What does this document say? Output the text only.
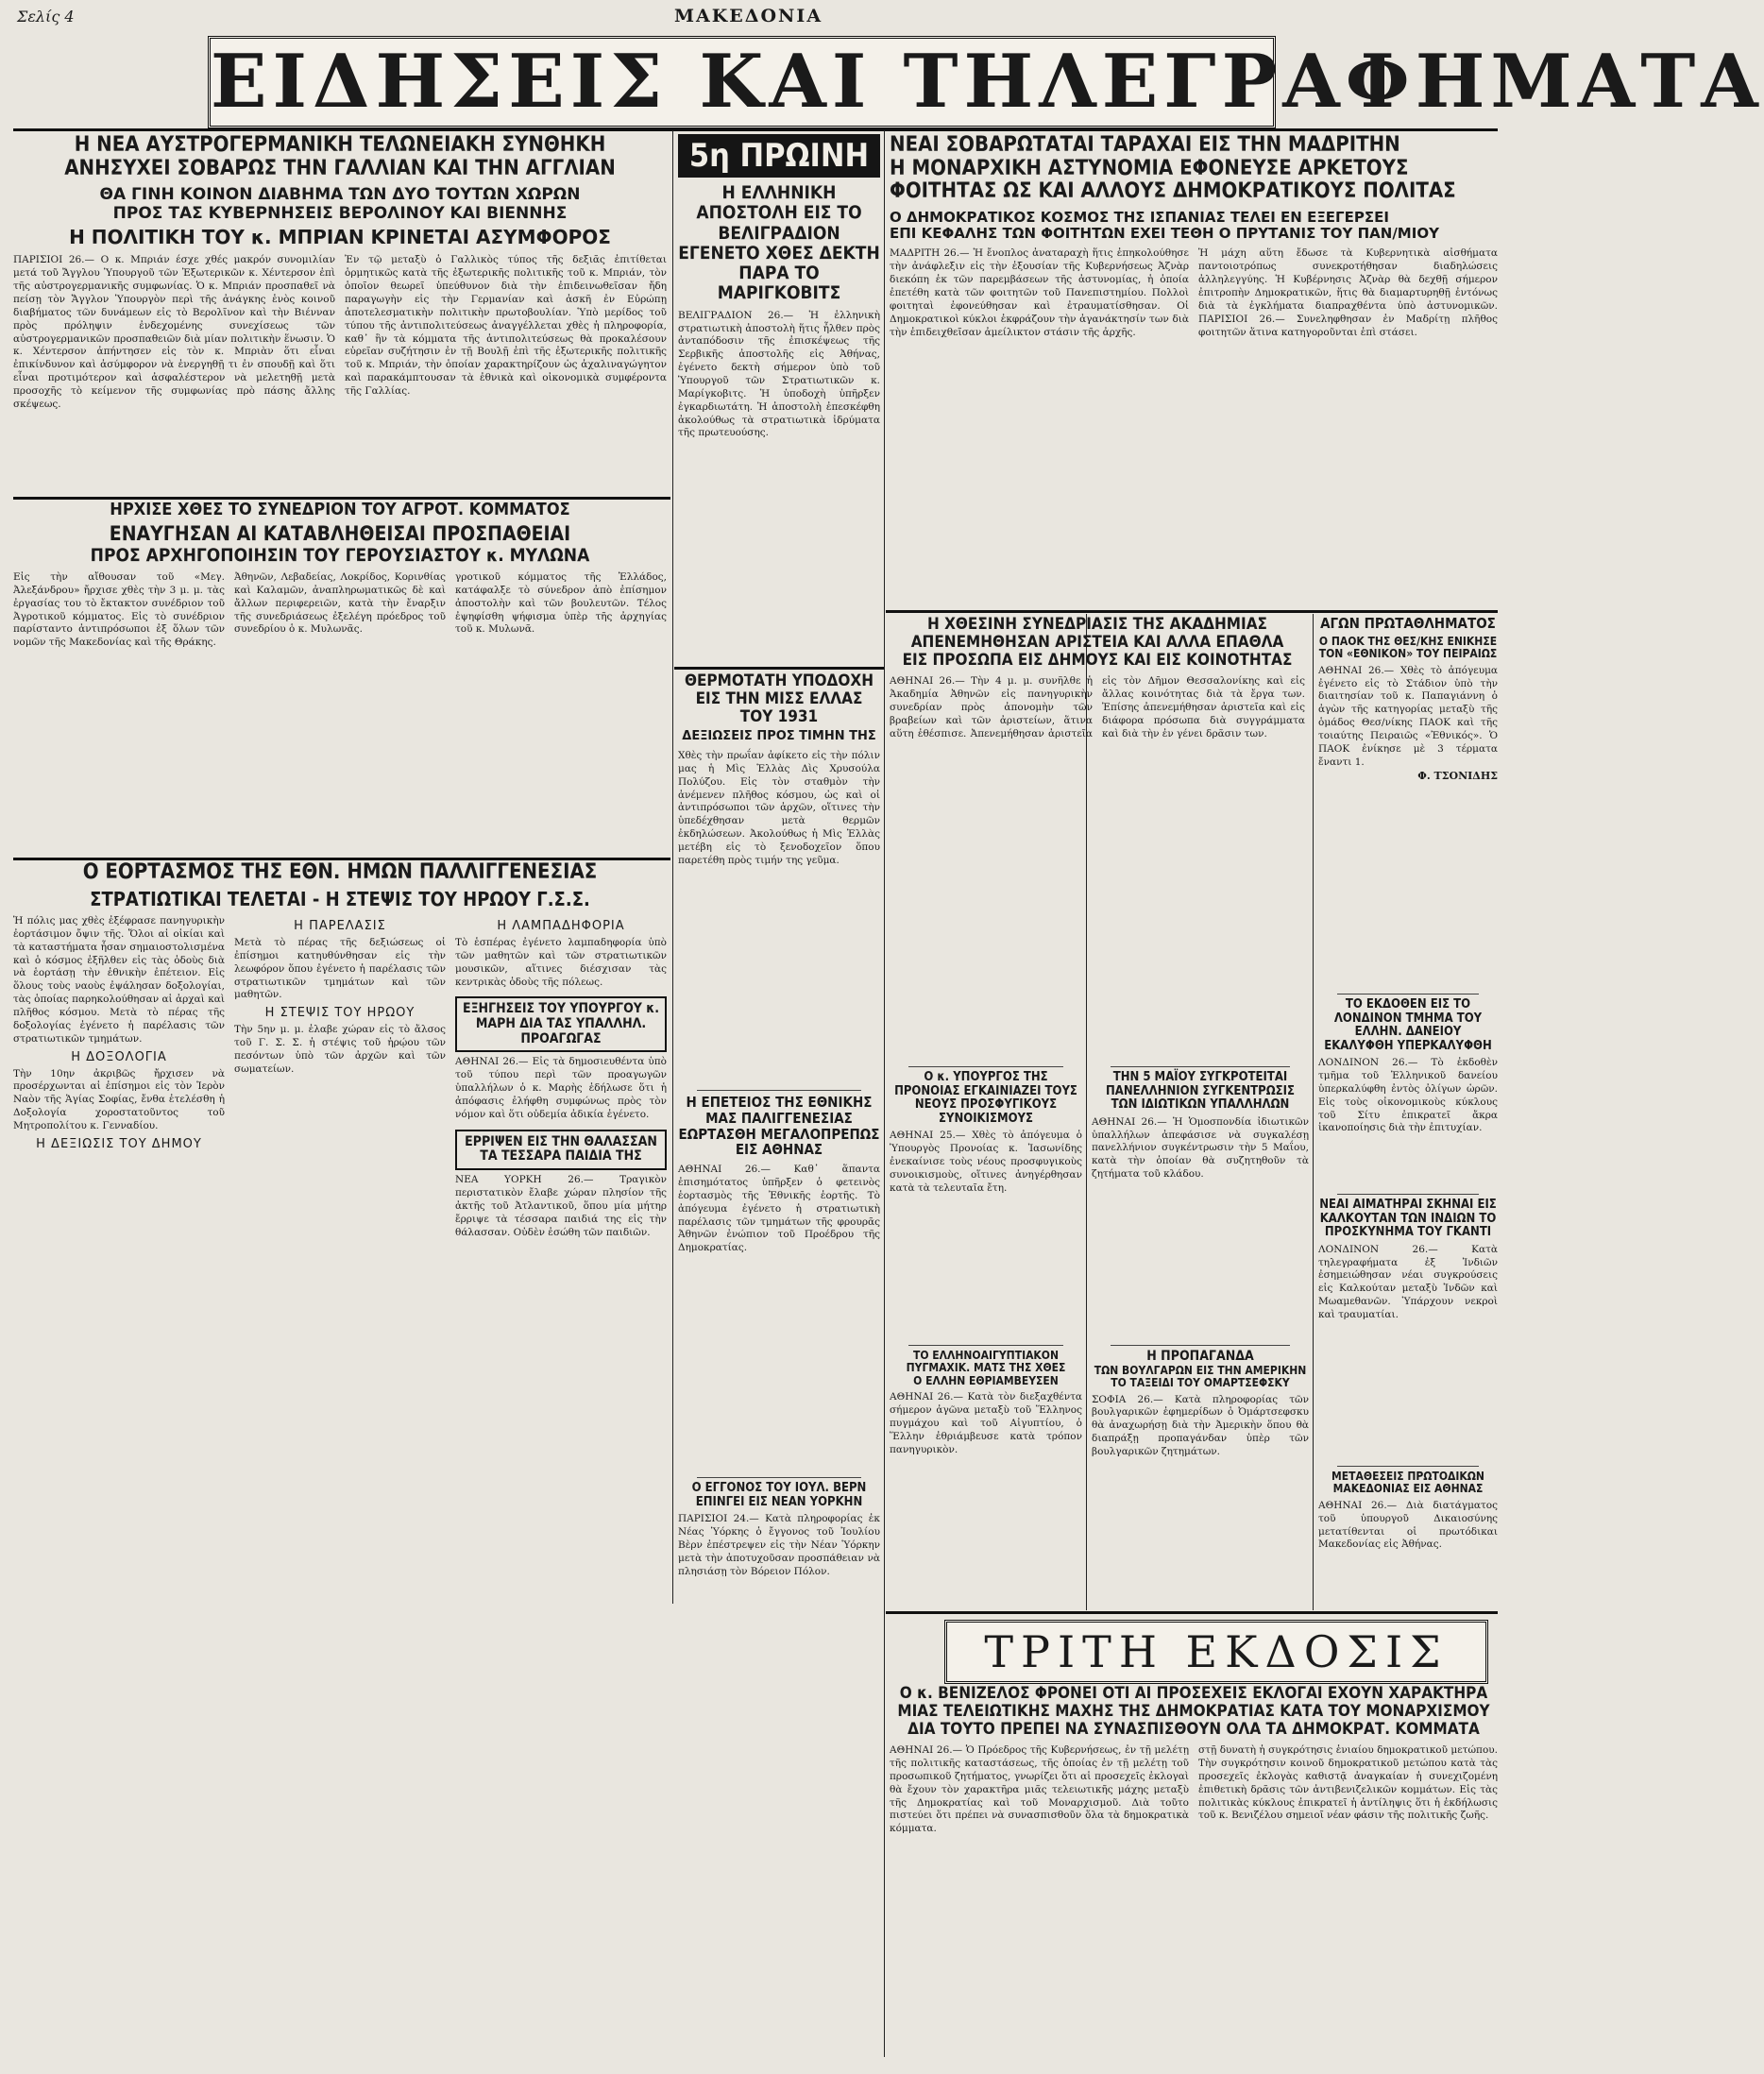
Σελίς 4	ΜΑΚΕΔΟΝΙΑ
ΕΙΔΗΣΕΙΣ ΚΑΙ ΤΗΛΕΓΡΑΦΗΜΑΤΑ
Η ΝΕΑ ΑΥΣΤΡΟΓΕΡΜΑΝΙΚΗ ΤΕΛΩΝΕΙΑΚΗ ΣΥΝΘΗΚΗ
ΑΝΗΣΥΧΕΙ ΣΟΒΑΡΩΣ ΤΗΝ ΓΑΛΛΙΑΝ ΚΑΙ ΤΗΝ ΑΓΓΛΙΑΝ
ΘΑ ΓΙΝΗ ΚΟΙΝΟΝ ΔΙΑΒΗΜΑ ΤΩΝ ΔΥΟ ΤΟΥΤΩΝ ΧΩΡΩΝ
ΠΡΟΣ ΤΑΣ ΚΥΒΕΡΝΗΣΕΙΣ ΒΕΡΟΛΙΝΟΥ ΚΑΙ ΒΙΕΝΝΗΣ
Η ΠΟΛΙΤΙΚΗ ΤΟΥ κ. ΜΠΡΙΑΝ ΚΡΙΝΕΤΑΙ ΑΣΥΜΦΟΡΟΣ

ΠΑΡΙΣΙΟΙ 26.— Ο κ. Μπριάν έσχε χθές μακρόν συνομιλίαν μετά τοῦ Ἄγγλου Ὑπουργοῦ τῶν Ἐξωτερικῶν κ. Χέντερσον ἐπὶ τῆς αὐστρογερμανικῆς συμφωνίας. Ὁ κ. Μπριάν προσπαθεῖ νὰ πείσῃ τὸν Ἄγγλον Ὑπουργὸν περὶ τῆς ἀνάγκης ἑνὸς κοινοῦ διαβήματος τῶν δυνάμεων εἰς τὸ Βερολῖνον καὶ τὴν Βιένναν πρὸς πρόληψιν ἐνδεχομένης συνεχίσεως τῶν αὐστρογερμανικῶν προσπαθειῶν διὰ μίαν πολιτικὴν ἕνωσιν. Ὁ κ. Χέντερσον ἀπήντησεν εἰς τὸν κ. Μπριὰν ὅτι εἶναι ἐπικίνδυνον καὶ ἀσύμφορον νὰ ἐνεργηθῇ τι ἐν σπουδῇ καὶ ὅτι εἶναι προτιμότερον καὶ ἀσφαλέστερον νὰ μελετηθῇ μετὰ προσοχῆς τὸ κείμενον τῆς συμφωνίας πρὸ πάσης ἄλλης σκέψεως.

Ἐν τῷ μεταξὺ ὁ Γαλλικὸς τύπος τῆς δεξιᾶς ἐπιτίθεται ὁρμητικῶς κατὰ τῆς ἐξωτερικῆς πολιτικῆς τοῦ κ. Μπριάν, τὸν ὁποῖον θεωρεῖ ὑπεύθυνον διὰ τὴν ἐπιδεινωθεῖσαν ἤδη παραγωγὴν εἰς τὴν Γερμανίαν καὶ ἀσκῆ ἐν Εὐρώπῃ ἀποτελεσματικὴν πολιτικὴν πρωτοβουλίαν. Ὑπὸ μερίδος τοῦ τύπου τῆς ἀντιπολιτεύσεως ἀναγγέλλεται χθὲς ἡ πληροφορία, καθ᾽ ἣν τὰ κόμματα τῆς ἀντιπολιτεύσεως θὰ προκαλέσουν εὐρεῖαν συζήτησιν ἐν τῇ Βουλῇ ἐπὶ τῆς ἐξωτερικῆς πολιτικῆς τοῦ κ. Μπριάν, τὴν ὁποίαν χαρακτηρίζουν ὡς ἀχαλιναγώγητον καὶ παρακάμπτουσαν τὰ ἐθνικὰ καὶ οἰκονομικὰ συμφέροντα τῆς Γαλλίας.

ΗΡΧΙΣΕ ΧΘΕΣ ΤΟ ΣΥΝΕΔΡΙΟΝ ΤΟΥ ΑΓΡΟΤ. ΚΟΜΜΑΤΟΣ
ΕΝΑΥΓΗΣΑΝ ΑΙ ΚΑΤΑΒΛΗΘΕΙΣΑΙ ΠΡΟΣΠΑΘΕΙΑΙ
ΠΡΟΣ ΑΡΧΗΓΟΠΟΙΗΣΙΝ ΤΟΥ ΓΕΡΟΥΣΙΑΣΤΟΥ κ. ΜΥΛΩΝΑ

Εἰς τὴν αἴθουσαν τοῦ «Μεγ. Ἀλεξάνδρου» ἤρχισε χθὲς τὴν 3 μ. μ. τὰς ἐργασίας του τὸ ἔκτακτον συνέδριον τοῦ Ἀγροτικοῦ κόμματος. Εἰς τὸ συνέδριον παρίσταντο ἀντιπρόσωποι ἐξ ὅλων τῶν νομῶν τῆς Μακεδονίας καὶ τῆς Θράκης.

Ἀθηνῶν, Λεβαδείας, Λοκρίδος, Κορινθίας καὶ Καλαμῶν, ἀναπληρωματικῶς δὲ καὶ ἄλλων περιφερειῶν, κατὰ τὴν ἔναρξιν τῆς συνεδριάσεως ἐξελέγη πρόεδρος τοῦ συνεδρίου ὁ κ. Μυλωνᾶς.

γροτικοῦ κόμματος τῆς Ἑλλάδος, κατάφαλξε τὸ σύνεδρον ἀπὸ ἐπίσημον ἀποστολὴν καὶ τῶν βουλευτῶν. Τέλος ἐψηφίσθη ψήφισμα ὑπὲρ τῆς ἀρχηγίας τοῦ κ. Μυλωνᾶ.

Ο ΕΟΡΤΑΣΜΟΣ ΤΗΣ ΕΘΝ. ΗΜΩΝ ΠΑΛΛΙΓΓΕΝΕΣΙΑΣ
ΣΤΡΑΤΙΩΤΙΚΑΙ ΤΕΛΕΤΑΙ - Η ΣΤΕΨΙΣ ΤΟΥ ΗΡΩΟΥ Γ.Σ.Σ.

Ἡ πόλις μας χθὲς ἐξέφρασε πανηγυρικὴν ἐορτάσιμον ὄψιν τῆς. Ὅλοι αἱ οἰκίαι καὶ τὰ καταστήματα ἦσαν σημαιοστολισμένα καὶ ὁ κόσμος ἐξῆλθεν εἰς τὰς ὁδοὺς διὰ νὰ ἑορτάσῃ τὴν ἐθνικὴν ἐπέτειον. Εἰς ὅλους τοὺς ναοὺς ἐψάλησαν δοξολογίαι, τὰς ὁποίας παρηκολούθησαν αἱ ἀρχαὶ καὶ πλῆθος κόσμου. Μετὰ τὸ πέρας τῆς δοξολογίας ἐγένετο ἡ παρέλασις τῶν στρατιωτικῶν τμημάτων.

Η ΔΟΞΟΛΟΓΙΑ

Τὴν 10ην ἀκριβῶς ἤρχισεν νὰ προσέρχωνται αἱ ἐπίσημοι εἰς τὸν Ἱερὸν Ναὸν τῆς Ἁγίας Σοφίας, ἔνθα ἐτελέσθη ἡ Δοξολογία χοροστατοῦντος τοῦ Μητροπολίτου κ. Γενναδίου.

Η ΔΕΞΙΩΣΙΣ ΤΟΥ ΔΗΜΟΥ
Η ΠΑΡΕΛΑΣΙΣ

Μετὰ τὸ πέρας τῆς δεξιώσεως οἱ ἐπίσημοι κατηυθύνθησαν εἰς τὴν λεωφόρον ὅπου ἐγένετο ἡ παρέλασις τῶν στρατιωτικῶν τμημάτων καὶ τῶν μαθητῶν.

Η ΣΤΕΨΙΣ ΤΟΥ ΗΡΩΟΥ

Τὴν 5ην μ. μ. ἐλαβε χώραν εἰς τὸ ἄλσος τοῦ Γ. Σ. Σ. ἡ στέψις τοῦ ἡρῴου τῶν πεσόντων ὑπὸ τῶν ἀρχῶν καὶ τῶν σωματείων.

Η ΛΑΜΠΑΔΗΦΟΡΙΑ

Τὸ ἑσπέρας ἐγένετο λαμπαδηφορία ὑπὸ τῶν μαθητῶν καὶ τῶν στρατιωτικῶν μουσικῶν, αἵτινες διέσχισαν τὰς κεντρικὰς ὁδοὺς τῆς πόλεως.

ΕΞΗΓΗΣΕΙΣ ΤΟΥ ΥΠΟΥΡΓΟΥ κ. ΜΑΡΗ ΔΙΑ ΤΑΣ ΥΠΑΛΛΗΛ. ΠΡΟΑΓΩΓΑΣ

ΑΘΗΝΑΙ 26.— Εἰς τὰ δημοσιευθέντα ὑπὸ τοῦ τύπου περὶ τῶν προαγωγῶν ὑπαλλήλων ὁ κ. Μαρὴς ἐδήλωσε ὅτι ἡ ἀπόφασις ἐλήφθη συμφώνως πρὸς τὸν νόμον καὶ ὅτι οὐδεμία ἀδικία ἐγένετο.

ΕΡΡΙΨΕΝ ΕΙΣ ΤΗΝ ΘΑΛΑΣΣΑΝ
ΤΑ ΤΕΣΣΑΡΑ ΠΑΙΔΙΑ ΤΗΣ

ΝΕΑ ΥΟΡΚΗ 26.— Τραγικὸν περιστατικὸν ἔλαβε χώραν πλησίον τῆς ἀκτῆς τοῦ Ἀτλαντικοῦ, ὅπου μία μήτηρ ἔρριψε τὰ τέσσαρα παιδιά της εἰς τὴν θάλασσαν. Οὐδὲν ἐσώθη τῶν παιδιῶν.

5η ΠΡΩΙΝΗ
Η ΕΛΛΗΝΙΚΗ ΑΠΟΣΤΟΛΗ ΕΙΣ ΤΟ ΒΕΛΙΓΡΑΔΙΟΝ ΕΓΕΝΕΤΟ ΧΘΕΣ ΔΕΚΤΗ ΠΑΡΑ ΤΟ ΜΑΡΙΓΚΟΒΙΤΣ

ΒΕΛΙΓΡΑΔΙΟΝ 26.— Ἡ ἑλληνικὴ στρατιωτικὴ ἀποστολὴ ἥτις ἦλθεν πρὸς ἀνταπόδοσιν τῆς ἐπισκέψεως τῆς Σερβικῆς ἀποστολῆς εἰς Ἀθήνας, ἐγένετο δεκτὴ σήμερον ὑπὸ τοῦ Ὑπουργοῦ τῶν Στρατιωτικῶν κ. Μαρίγκοβιτς. Ἡ ὑποδοχὴ ὑπῆρξεν ἐγκαρδιωτάτη. Ἡ ἀποστολὴ ἐπεσκέφθη ἀκολούθως τὰ στρατιωτικὰ ἱδρύματα τῆς πρωτευούσης.

ΘΕΡΜΟΤΑΤΗ ΥΠΟΔΟΧΗ ΕΙΣ ΤΗΝ ΜΙΣΣ ΕΛΛΑΣ ΤΟΥ 1931
ΔΕΞΙΩΣΕΙΣ ΠΡΟΣ ΤΙΜΗΝ ΤΗΣ

Χθὲς τὴν πρωΐαν ἀφίκετο εἰς τὴν πόλιν μας ἡ Μὶς Ἑλλὰς Δὶς Χρυσούλα Πολύζου. Εἰς τὸν σταθμὸν τὴν ἀνέμενεν πλῆθος κόσμου, ὡς καὶ οἱ ἀντιπρόσωποι τῶν ἀρχῶν, οἵτινες τὴν ὑπεδέχθησαν μετὰ θερμῶν ἐκδηλώσεων. Ἀκολούθως ἡ Μὶς Ἑλλὰς μετέβη εἰς τὸ ξενοδοχεῖον ὅπου παρετέθη πρὸς τιμήν της γεῦμα.

Η ΕΠΕΤΕΙΟΣ ΤΗΣ ΕΘΝΙΚΗΣ ΜΑΣ ΠΑΛΙΓΓΕΝΕΣΙΑΣ ΕΩΡΤΑΣΘΗ ΜΕΓΑΛΟΠΡΕΠΩΣ ΕΙΣ ΑΘΗΝΑΣ

ΑΘΗΝΑΙ 26.— Καθ᾽ ἅπαντα ἐπισημότατος ὑπῆρξεν ὁ φετεινὸς ἑορτασμὸς τῆς Ἐθνικῆς ἑορτῆς. Τὸ ἀπόγευμα ἐγένετο ἡ στρατιωτικὴ παρέλασις τῶν τμημάτων τῆς φρουρᾶς Ἀθηνῶν ἐνώπιον τοῦ Προέδρου τῆς Δημοκρατίας.

Ο ΕΓΓΟΝΟΣ ΤΟΥ ΙΟΥΛ. ΒΕΡΝ ΕΠΙΝΓΕΙ ΕΙΣ ΝΕΑΝ ΥΟΡΚΗΝ

ΠΑΡΙΣΙΟΙ 24.— Κατὰ πληροφορίας ἐκ Νέας Ὑόρκης ὁ ἔγγονος τοῦ Ἰουλίου Βὲρν ἐπέστρεψεν εἰς τὴν Νέαν Ὑόρκην μετὰ τὴν ἀποτυχοῦσαν προσπάθειαν νὰ πλησιάσῃ τὸν Βόρειον Πόλον.

ΝΕΑΙ ΣΟΒΑΡΩΤΑΤΑΙ ΤΑΡΑΧΑΙ ΕΙΣ ΤΗΝ ΜΑΔΡΙΤΗΝ
Η ΜΟΝΑΡΧΙΚΗ ΑΣΤΥΝΟΜΙΑ ΕΦΟΝΕΥΣΕ ΑΡΚΕΤΟΥΣ
ΦΟΙΤΗΤΑΣ ΩΣ ΚΑΙ ΑΛΛΟΥΣ ΔΗΜΟΚΡΑΤΙΚΟΥΣ ΠΟΛΙΤΑΣ
Ο ΔΗΜΟΚΡΑΤΙΚΟΣ ΚΟΣΜΟΣ ΤΗΣ ΙΣΠΑΝΙΑΣ ΤΕΛΕΙ ΕΝ ΕΞΕΓΕΡΣΕΙ
ΕΠΙ ΚΕΦΑΛΗΣ ΤΩΝ ΦΟΙΤΗΤΩΝ ΕΧΕΙ ΤΕΘΗ Ο ΠΡΥΤΑΝΙΣ ΤΟΥ ΠΑΝ/ΜΙΟΥ

ΜΑΔΡΙΤΗ 26.— Ἡ ἔνοπλος ἀναταραχὴ ἥτις ἐπηκολούθησε τὴν ἀνάφλεξιν εἰς τὴν ἐξουσίαν τῆς Κυβερνήσεως Ἀζνὰρ διεκόπη ἐκ τῶν παρεμβάσεων τῆς ἀστυνομίας, ἡ ὁποία ἐπετέθη κατὰ τῶν φοιτητῶν τοῦ Πανεπιστημίου. Πολλοὶ φοιτηταὶ ἐφονεύθησαν καὶ ἐτραυματίσθησαν. Οἱ Δημοκρατικοὶ κύκλοι ἐκφράζουν τὴν ἀγανάκτησίν των διὰ τὴν ἐπιδειχθεῖσαν ἀμείλικτον στάσιν τῆς ἀρχῆς.

Ἡ μάχη αὕτη ἔδωσε τὰ Κυβερνητικὰ αἰσθήματα παντοιοτρόπως συνεκροτήθησαν διαδηλώσεις ἀλληλεγγύης. Ἡ Κυβέρνησις Ἀζνὰρ θὰ δεχθῇ σήμερον ἐπιτροπὴν Δημοκρατικῶν, ἥτις θὰ διαμαρτυρηθῇ ἐντόνως διὰ τὰ ἐγκλήματα διαπραχθέντα ὑπὸ ἀστυνομικῶν. ΠΑΡΙΣΙΟΙ 26.— Συνεληφθησαν ἐν Μαδρίτῃ πλῆθος φοιτητῶν ἅτινα κατηγοροῦνται ἐπὶ στάσει.

Η ΧΘΕΣΙΝΗ ΣΥΝΕΔΡΙΑΣΙΣ ΤΗΣ ΑΚΑΔΗΜΙΑΣ
ΑΠΕΝΕΜΗΘΗΣΑΝ ΑΡΙΣΤΕΙΑ ΚΑΙ ΑΛΛΑ ΕΠΑΘΛΑ
ΕΙΣ ΠΡΟΣΩΠΑ ΕΙΣ ΔΗΜΟΥΣ ΚΑΙ ΕΙΣ ΚΟΙΝΟΤΗΤΑΣ

ΑΘΗΝΑΙ 26.— Τὴν 4 μ. μ. συνῆλθε ἡ Ἀκαδημία Ἀθηνῶν εἰς πανηγυρικὴν συνεδρίαν πρὸς ἀπονομὴν τῶν βραβείων καὶ τῶν ἀριστείων, ἅτινα αὕτη ἐθέσπισε. Ἀπενεμήθησαν ἀριστεῖα εἰς τὸν Δῆμον Θεσσαλονίκης καὶ εἰς ἄλλας κοινότητας διὰ τὰ ἔργα των. Ἐπίσης ἀπενεμήθησαν ἀριστεῖα καὶ εἰς διάφορα πρόσωπα διὰ συγγράμματα καὶ διὰ τὴν ἐν γένει δρᾶσιν των.

ΑΓΩΝ ΠΡΩΤΑΘΛΗΜΑΤΟΣ
Ο ΠΑΟΚ ΤΗΣ ΘΕΣ/ΚΗΣ ΕΝΙΚΗΣΕ ΤΟΝ «ΕΘΝΙΚΟΝ» ΤΟΥ ΠΕΙΡΑΙΩΣ

ΑΘΗΝΑΙ 26.— Χθὲς τὸ ἀπόγευμα ἐγένετο εἰς τὸ Στάδιον ὑπὸ τὴν διαιτησίαν τοῦ κ. Παπαγιάννη ὁ ἀγὼν τῆς κατηγορίας μεταξὺ τῆς ὁμάδος Θεσ/νίκης ΠΑΟΚ καὶ τῆς τοιαύτης Πειραιῶς «Ἐθνικός». Ὁ ΠΑΟΚ ἐνίκησε μὲ 3 τέρματα ἔναντι 1.

Φ. ΤΣΟΝΙΔΗΣ
ΤΟ ΕΚΔΟΘΕΝ ΕΙΣ ΤΟ ΛΟΝΔΙΝΟΝ ΤΜΗΜΑ ΤΟΥ ΕΛΛΗΝ. ΔΑΝΕΙΟΥ ΕΚΑΛΥΦΘΗ ΥΠΕΡΚΑΛΥΦΘΗ

ΛΟΝΔΙΝΟΝ 26.— Τὸ ἐκδοθὲν τμῆμα τοῦ Ἑλληνικοῦ δανείου ὑπερκαλύφθη ἐντὸς ὀλίγων ὡρῶν. Εἰς τοὺς οἰκονομικοὺς κύκλους τοῦ Σίτυ ἐπικρατεῖ ἄκρα ἱκανοποίησις διὰ τὴν ἐπιτυχίαν.

Ο κ. ΥΠΟΥΡΓΟΣ ΤΗΣ ΠΡΟΝΟΙΑΣ ΕΓΚΑΙΝΙΑΖΕΙ ΤΟΥΣ ΝΕΟΥΣ ΠΡΟΣΦΥΓΙΚΟΥΣ ΣΥΝΟΙΚΙΣΜΟΥΣ

ΑΘΗΝΑΙ 25.— Χθὲς τὸ ἀπόγευμα ὁ Ὑπουργὸς Προνοίας κ. Ἰασωνίδης ἐνεκαίνισε τοὺς νέους προσφυγικοὺς συνοικισμοὺς, οἵτινες ἀνηγέρθησαν κατὰ τὰ τελευταῖα ἔτη.

ΤΟ ΕΛΛΗΝΟΑΙΓΥΠΤΙΑΚΟΝ
ΠΥΓΜΑΧΙΚ. ΜΑΤΣ ΤΗΣ ΧΘΕΣ
Ο ΕΛΛΗΝ ΕΘΡΙΑΜΒΕΥΣΕΝ

ΑΘΗΝΑΙ 26.— Κατὰ τὸν διεξαχθέντα σήμερον ἀγῶνα μεταξὺ τοῦ Ἕλληνος πυγμάχου καὶ τοῦ Αἰγυπτίου, ὁ Ἕλλην ἐθριάμβευσε κατὰ τρόπον πανηγυρικὸν.

ΤΗΝ 5 ΜΑΪΟΥ ΣΥΓΚΡΟΤΕΙΤΑΙ ΠΑΝΕΛΛΗΝΙΟΝ ΣΥΓΚΕΝΤΡΩΣΙΣ ΤΩΝ ΙΔΙΩΤΙΚΩΝ ΥΠΑΛΛΗΛΩΝ

ΑΘΗΝΑΙ 26.— Ἡ Ὁμοσπονδία ἰδιωτικῶν ὑπαλλήλων ἀπεφάσισε νὰ συγκαλέσῃ πανελλήνιον συγκέντρωσιν τὴν 5 Μαΐου, κατὰ τὴν ὁποίαν θὰ συζητηθοῦν τὰ ζητήματα τοῦ κλάδου.

Η ΠΡΟΠΑΓΑΝΔΑ
ΤΩΝ ΒΟΥΛΓΑΡΩΝ ΕΙΣ ΤΗΝ ΑΜΕΡΙΚΗΝ
ΤΟ ΤΑΞΕΙΔΙ ΤΟΥ ΟΜΑΡΤΣΕΦΣΚΥ

ΣΟΦΙΑ 26.— Κατὰ πληροφορίας τῶν βουλγαρικῶν ἐφημερίδων ὁ Ὀμάρτσεφσκυ θὰ ἀναχωρήσῃ διὰ τὴν Ἀμερικὴν ὅπου θὰ διαπράξῃ προπαγάνδαν ὑπὲρ τῶν βουλγαρικῶν ζητημάτων.

ΝΕΑΙ ΑΙΜΑΤΗΡΑΙ ΣΚΗΝΑΙ ΕΙΣ ΚΑΛΚΟΥΤΑΝ ΤΩΝ ΙΝΔΙΩΝ ΤΟ ΠΡΟΣΚΥΝΗΜΑ ΤΟΥ ΓΚΑΝΤΙ

ΛΟΝΔΙΝΟΝ 26.— Κατὰ τηλεγραφήματα ἐξ Ἰνδιῶν ἐσημειώθησαν νέαι συγκρούσεις εἰς Καλκούταν μεταξὺ Ἰνδῶν καὶ Μωαμεθανῶν. Ὑπάρχουν νεκροὶ καὶ τραυματίαι.

ΜΕΤΑΘΕΣΕΙΣ ΠΡΩΤΟΔΙΚΩΝ ΜΑΚΕΔΟΝΙΑΣ ΕΙΣ ΑΘΗΝΑΣ

ΑΘΗΝΑΙ 26.— Διὰ διατάγματος τοῦ ὑπουργοῦ Δικαιοσύνης μετατίθενται οἱ πρωτόδικαι Μακεδονίας εἰς Ἀθήνας.

ΤΡΙΤΗ ΕΚΔΟΣΙΣ
Ο κ. ΒΕΝΙΖΕΛΟΣ ΦΡΟΝΕΙ ΟΤΙ ΑΙ ΠΡΟΣΕΧΕΙΣ ΕΚΛΟΓΑΙ ΕΧΟΥΝ ΧΑΡΑΚΤΗΡΑ
ΜΙΑΣ ΤΕΛΕΙΩΤΙΚΗΣ ΜΑΧΗΣ ΤΗΣ ΔΗΜΟΚΡΑΤΙΑΣ ΚΑΤΑ ΤΟΥ ΜΟΝΑΡΧΙΣΜΟΥ
ΔΙΑ ΤΟΥΤΟ ΠΡΕΠΕΙ ΝΑ ΣΥΝΑΣΠΙΣΘΟΥΝ ΟΛΑ ΤΑ ΔΗΜΟΚΡΑΤ. ΚΟΜΜΑΤΑ

ΑΘΗΝΑΙ 26.— Ὁ Πρόεδρος τῆς Κυβερνήσεως, ἐν τῇ μελέτῃ τῆς πολιτικῆς καταστάσεως, τῆς ὁποίας ἐν τῇ μελέτῃ τοῦ προσωπικοῦ ζητήματος, γνωρίζει ὅτι αἱ προσεχεῖς ἐκλογαὶ θὰ ἔχουν τὸν χαρακτῆρα μιᾶς τελειωτικῆς μάχης μεταξὺ τῆς Δημοκρατίας καὶ τοῦ Μοναρχισμοῦ. Διὰ τοῦτο πιστεύει ὅτι πρέπει νὰ συνασπισθοῦν ὅλα τὰ δημοκρατικὰ κόμματα.

στῇ δυνατὴ ἡ συγκρότησις ἑνιαίου δημοκρατικοῦ μετώπου. Τὴν συγκρότησιν κοινοῦ δημοκρατικοῦ μετώπου κατὰ τὰς προσεχεῖς ἐκλογὰς καθιστᾷ ἀναγκαίαν ἡ συνεχιζομένη ἐπιθετικὴ δρᾶσις τῶν ἀντιβενιζελικῶν κομμάτων. Εἰς τὰς πολιτικὰς κύκλους ἐπικρατεῖ ἡ ἀντίληψις ὅτι ἡ ἐκδήλωσις τοῦ κ. Βενιζέλου σημειοῖ νέαν φάσιν τῆς πολιτικῆς ζωῆς.
